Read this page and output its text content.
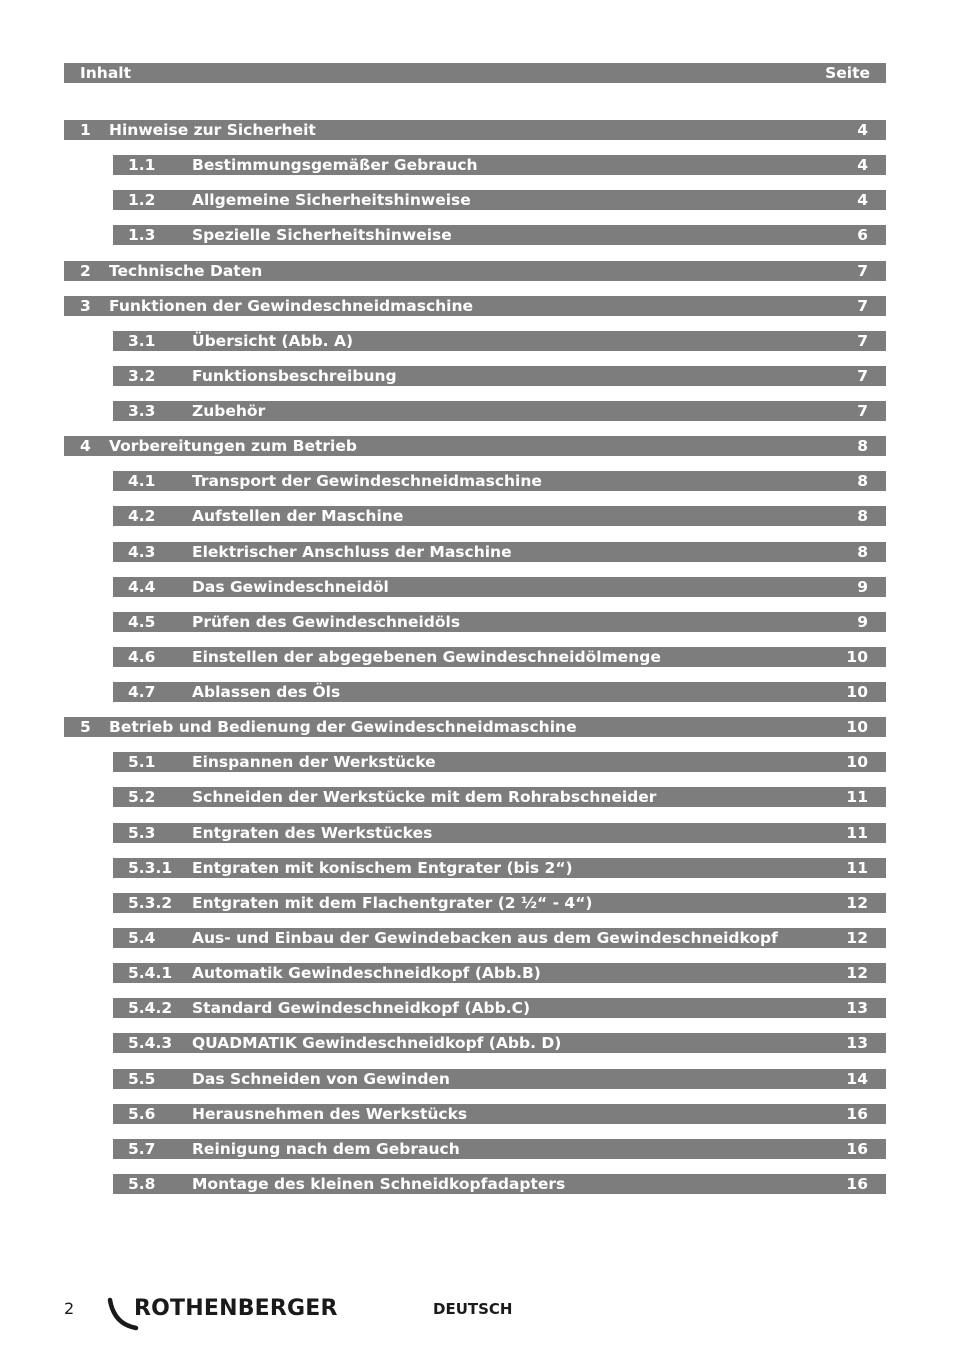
Inhalt	Seite
1 Hinweise zur Sicherheit	4
1.1 Bestimmungsgemäßer Gebrauch	4
1.2 Allgemeine Sicherheitshinweise	4
1.3 Spezielle Sicherheitshinweise	6
2 Technische Daten	7
3 Funktionen der Gewindeschneidmaschine	7
3.1 Übersicht (Abb. A)	7
3.2 Funktionsbeschreibung	7
3.3 Zubehör	7
4 Vorbereitungen zum Betrieb	8
4.1 Transport der Gewindeschneidmaschine	8
4.2 Aufstellen der Maschine	8
4.3 Elektrischer Anschluss der Maschine	8
4.4 Das Gewindeschneidöl	9
4.5 Prüfen des Gewindeschneidöls	9
4.6 Einstellen der abgegebenen Gewindeschneidölmenge	10
4.7 Ablassen des Öls	10
5 Betrieb und Bedienung der Gewindeschneidmaschine	10
5.1 Einspannen der Werkstücke	10
5.2 Schneiden der Werkstücke mit dem Rohrabschneider	11
5.3 Entgraten des Werkstückes	11
5.3.1 Entgraten mit konischem Entgrater (bis 2“)	11
5.3.2 Entgraten mit dem Flachentgrater (2 ½“ - 4“)	12
5.4 Aus- und Einbau der Gewindebacken aus dem Gewindeschneidkopf	12
5.4.1 Automatik Gewindeschneidkopf (Abb.B)	12
5.4.2 Standard Gewindeschneidkopf (Abb.C)	13
5.4.3 QUADMATIK Gewindeschneidkopf (Abb. D)	13
5.5 Das Schneiden von Gewinden	14
5.6 Herausnehmen des Werkstücks	16
5.7 Reinigung nach dem Gebrauch	16
5.8 Montage des kleinen Schneidkopfadapters	16
2	ROTHENBERGER	DEUTSCH
